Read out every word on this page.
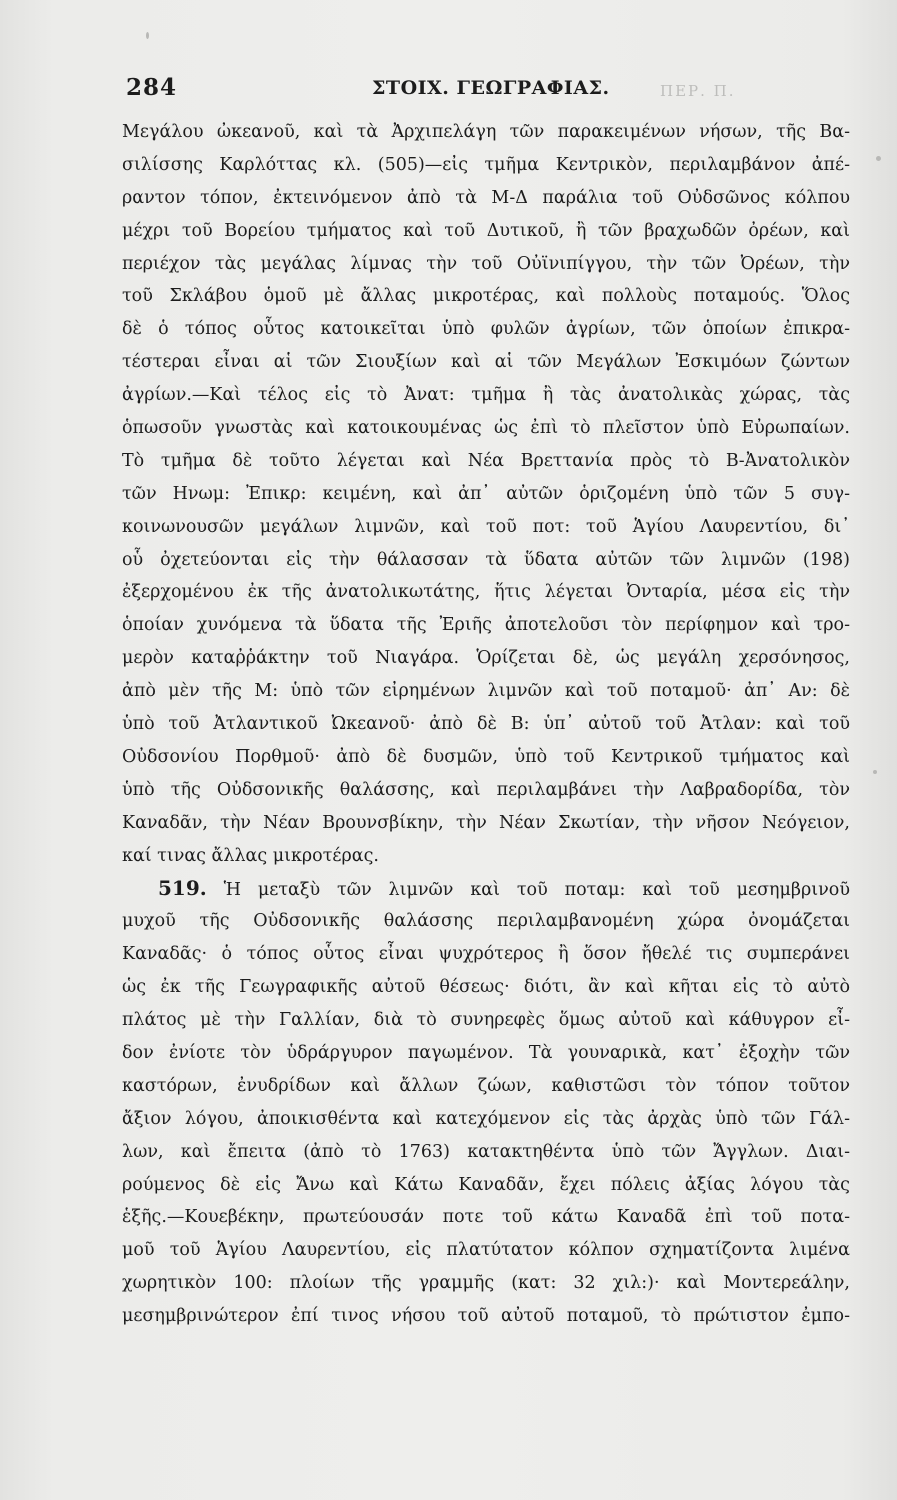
284	ΣΤΟΙΧ. ΓΕΩΓΡΑΦΙΑΣ.	ΠΕΡ. Π.
Μεγάλου ὠκεανοῦ, καὶ τὰ Ἀρχιπελάγη τῶν παρακειμένων νήσων, τῆς Βα-
σιλίσσης Καρλόττας κλ. (505)—εἰς τμῆμα Κεντρικὸν, περιλαμβάνον ἀπέ-
ραντον τόπον, ἐκτεινόμενον ἀπὸ τὰ Μ-Δ παράλια τοῦ Οὐδσῶνος κόλπου
μέχρι τοῦ Βορείου τμήματος καὶ τοῦ Δυτικοῦ, ἢ τῶν βραχωδῶν ὀρέων, καὶ
περιέχον τὰς μεγάλας λίμνας τὴν τοῦ Οὐϊνιπίγγου, τὴν τῶν Ὀρέων, τὴν
τοῦ Σκλάβου ὁμοῦ μὲ ἄλλας μικροτέρας, καὶ πολλοὺς ποταμούς. Ὅλος
δὲ ὁ τόπος οὗτος κατοικεῖται ὑπὸ φυλῶν ἀγρίων, τῶν ὁποίων ἐπικρα-
τέστεραι εἶναι αἱ τῶν Σιουξίων καὶ αἱ τῶν Μεγάλων Ἐσκιμόων ζώντων
ἀγρίων.—Καὶ τέλος εἰς τὸ Ἀνατ: τμῆμα ἢ τὰς ἀνατολικὰς χώρας, τὰς
ὁπωσοῦν γνωστὰς καὶ κατοικουμένας ὡς ἐπὶ τὸ πλεῖστον ὑπὸ Εὐρωπαίων.
Τὸ τμῆμα δὲ τοῦτο λέγεται καὶ Νέα Βρεττανία πρὸς τὸ Β-Ἀνατολικὸν
τῶν Ηνωμ: Ἐπικρ: κειμένη, καὶ ἀπ᾽ αὐτῶν ὁριζομένη ὑπὸ τῶν 5 συγ-
κοινωνουσῶν μεγάλων λιμνῶν, καὶ τοῦ ποτ: τοῦ Ἁγίου Λαυρεντίου, δι᾽
οὗ ὀχετεύονται εἰς τὴν θάλασσαν τὰ ὕδατα αὐτῶν τῶν λιμνῶν (198)
ἐξερχομένου ἐκ τῆς ἀνατολικωτάτης, ἥτις λέγεται Ὀνταρία, μέσα εἰς τὴν
ὁποίαν χυνόμενα τὰ ὕδατα τῆς Ἐριῆς ἀποτελοῦσι τὸν περίφημον καὶ τρο-
μερὸν καταῤῥάκτην τοῦ Νιαγάρα. Ὁρίζεται δὲ, ὡς μεγάλη χερσόνησος,
ἀπὸ μὲν τῆς Μ: ὑπὸ τῶν εἰρημένων λιμνῶν καὶ τοῦ ποταμοῦ· ἀπ᾽ Αν: δὲ
ὑπὸ τοῦ Ἀτλαντικοῦ Ὠκεανοῦ· ἀπὸ δὲ Β: ὑπ᾽ αὐτοῦ τοῦ Ἀτλαν: καὶ τοῦ
Οὐδσονίου Πορθμοῦ· ἀπὸ δὲ δυσμῶν, ὑπὸ τοῦ Κεντρικοῦ τμήματος καὶ
ὑπὸ τῆς Οὐδσονικῆς θαλάσσης, καὶ περιλαμβάνει τὴν Λαβραδορίδα, τὸν
Καναδᾶν, τὴν Νέαν Βρουνσβίκην, τὴν Νέαν Σκωτίαν, τὴν νῆσον Νεόγειον,
καί τινας ἄλλας μικροτέρας.
519. Ἡ μεταξὺ τῶν λιμνῶν καὶ τοῦ ποταμ: καὶ τοῦ μεσημβρινοῦ
μυχοῦ τῆς Οὐδσονικῆς θαλάσσης περιλαμβανομένη χώρα ὀνομάζεται
Καναδᾶς· ὁ τόπος οὗτος εἶναι ψυχρότερος ἢ ὅσον ἤθελέ τις συμπεράνει
ὡς ἐκ τῆς Γεωγραφικῆς αὐτοῦ θέσεως· διότι, ἂν καὶ κῆται εἰς τὸ αὐτὸ
πλάτος μὲ τὴν Γαλλίαν, διὰ τὸ συνηρεφὲς ὅμως αὐτοῦ καὶ κάθυγρον εἶ-
δον ἐνίοτε τὸν ὑδράργυρον παγωμένον. Τὰ γουναρικὰ, κατ᾽ ἐξοχὴν τῶν
καστόρων, ἐνυδρίδων καὶ ἄλλων ζώων, καθιστῶσι τὸν τόπον τοῦτον
ἄξιον λόγου, ἀποικισθέντα καὶ κατεχόμενον εἰς τὰς ἀρχὰς ὑπὸ τῶν Γάλ-
λων, καὶ ἔπειτα (ἀπὸ τὸ 1763) κατακτηθέντα ὑπὸ τῶν Ἄγγλων. Διαι-
ρούμενος δὲ εἰς Ἄνω καὶ Κάτω Καναδᾶν, ἔχει πόλεις ἀξίας λόγου τὰς
ἑξῆς.—Κουεβέκην, πρωτεύουσάν ποτε τοῦ κάτω Καναδᾶ ἐπὶ τοῦ ποτα-
μοῦ τοῦ Ἁγίου Λαυρεντίου, εἰς πλατύτατον κόλπον σχηματίζοντα λιμένα
χωρητικὸν 100: πλοίων τῆς γραμμῆς (κατ: 32 χιλ:)· καὶ Μοντερεάλην,
μεσημβρινώτερον ἐπί τινος νήσου τοῦ αὐτοῦ ποταμοῦ, τὸ πρώτιστον ἐμπο-
